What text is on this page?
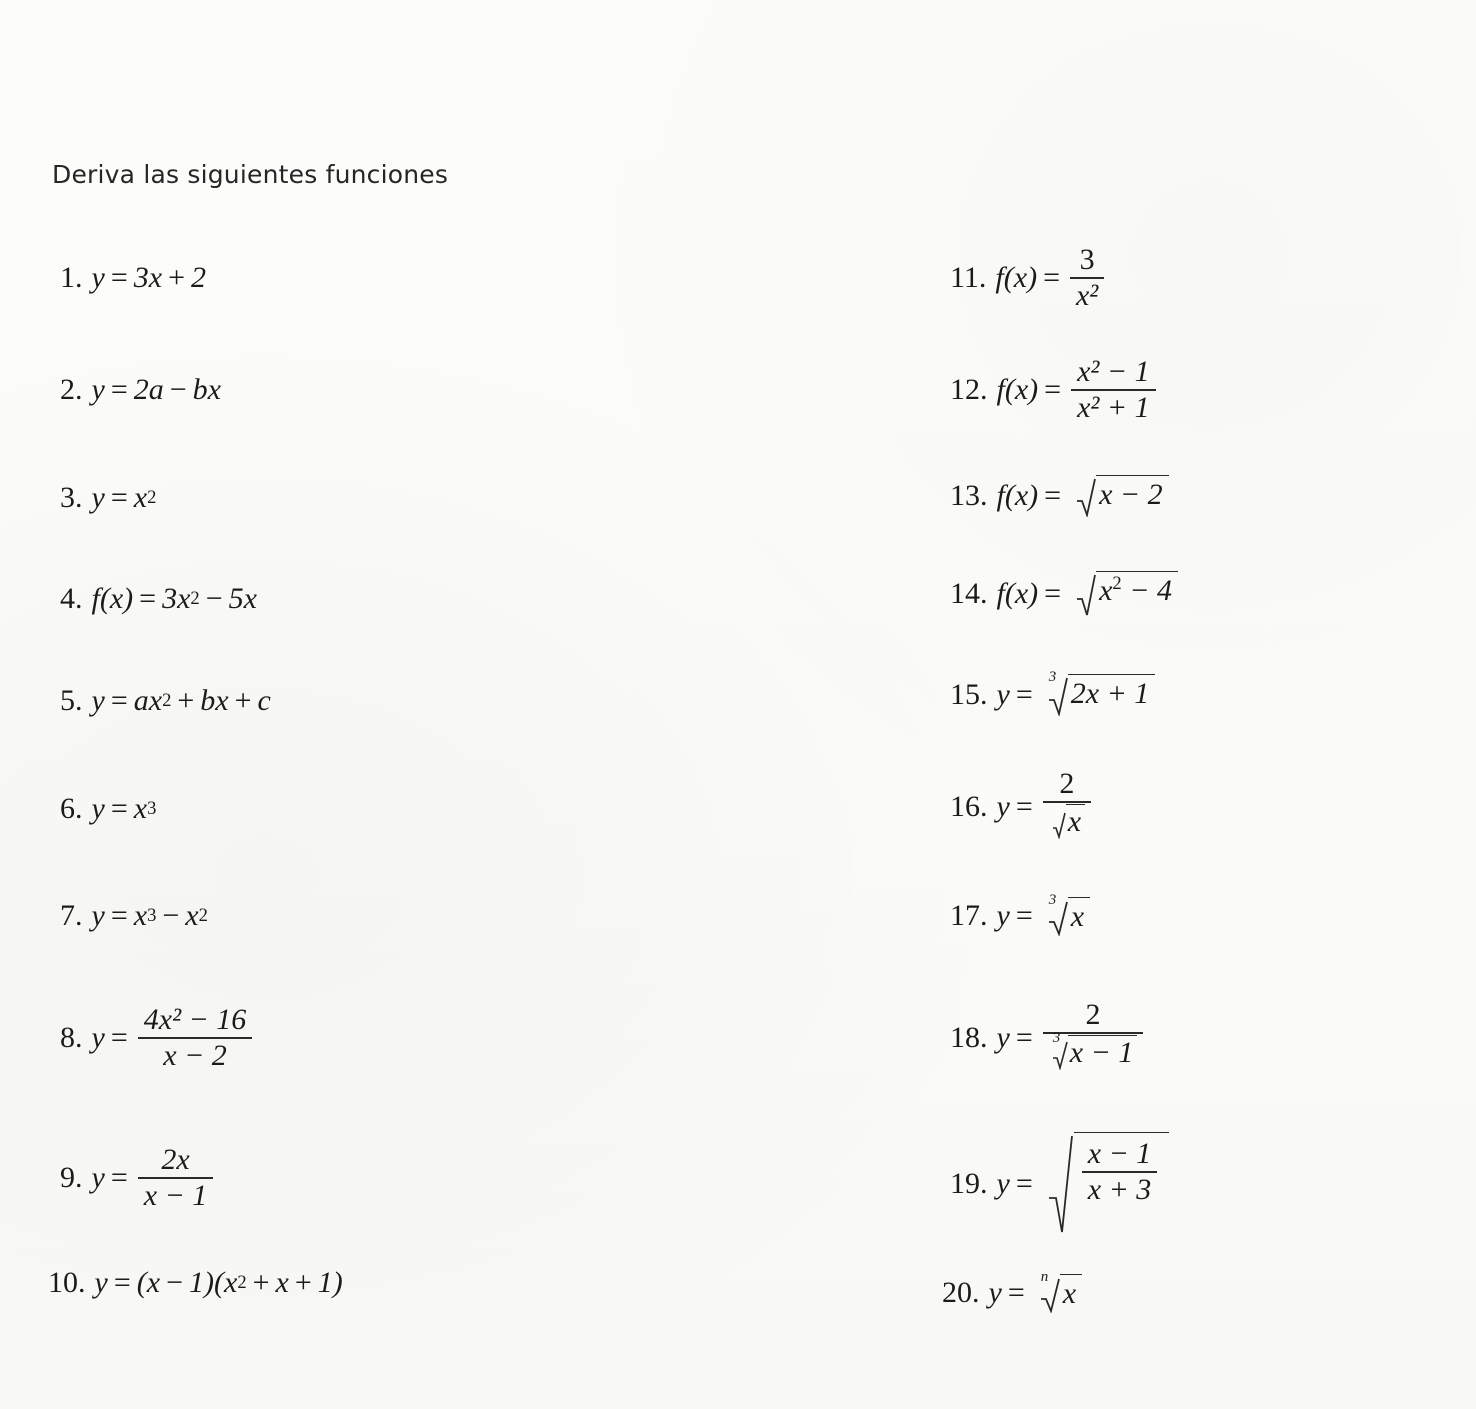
Deriva las siguientes funciones
1. y = 3 x + 2
2. y = 2 a − bx
3. y = x 2
4. f ( x ) = 3 x 2 − 5 x
5. y = ax 2 + bx + c
6. y = x 3
7. y = x 3 − x 2
8. $y = \frac{\text{4x² − 16}}{x - 2}$
9. $y = \frac{2x}{x - 1}$
10. y = ( x − 1)( x 2 + x + 1)
11. f ( x ) = $\frac{3}{\text{x²}}$
12. f ( x ) = $\frac{\text{x² − 1}}{\text{x² + 1}}$
13. f ( x ) = x − 2
14. f ( x ) = $x^2 - 4$
15. y =
3 2x + 1
16. $y = \frac{2}{x}$
17. y = 3 x
18. y =
2
3 x − 1
19. $y = \frac{x - 1}{x + 3}$
20. y = n x
